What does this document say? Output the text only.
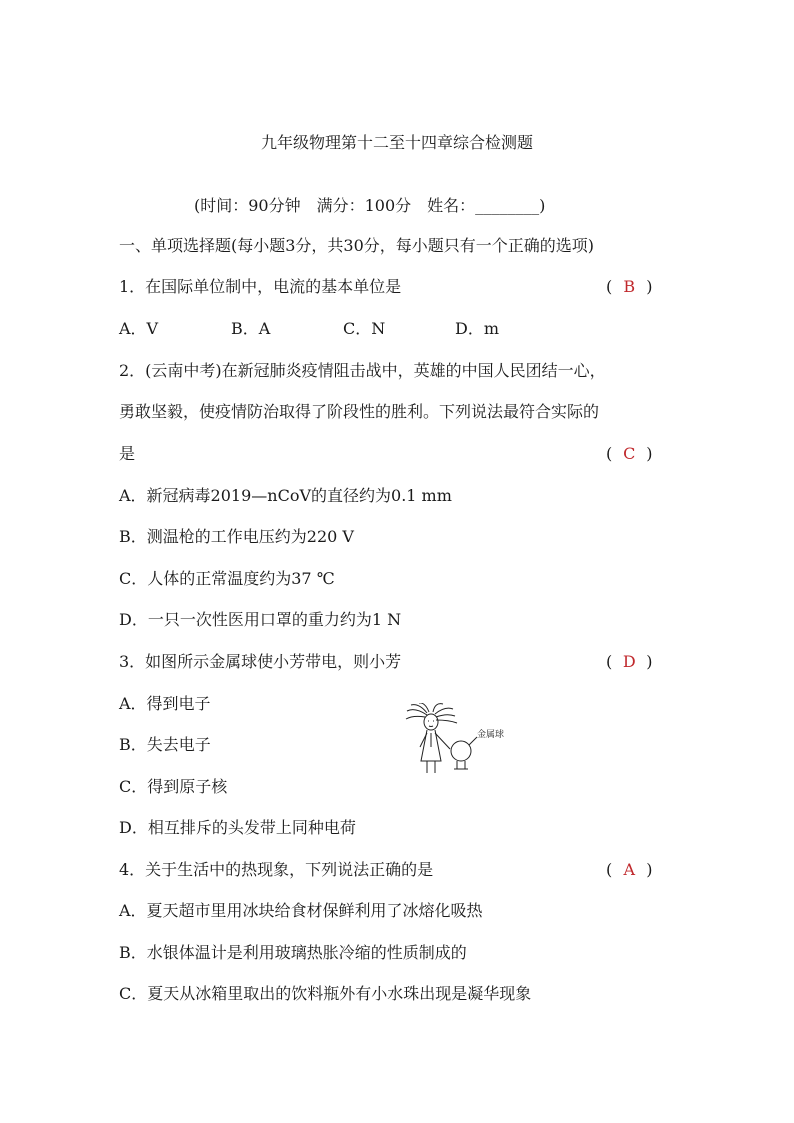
九年级物理第十二至十四章综合检测题
(时间：90分钟　满分：100分　姓名：________)
一、单项选择题(每小题3分，共30分，每小题只有一个正确的选项)
1．在国际单位制中，电流的基本单位是	( B )
A．V	B．A	C．N	D．m
2．(云南中考)在新冠肺炎疫情阻击战中，英雄的中国人民团结一心，
勇敢坚毅，使疫情防治取得了阶段性的胜利。下列说法最符合实际的
是	( C )
A．新冠病毒2019—nCoV的直径约为0.1 mm
B．测温枪的工作电压约为220 V
C．人体的正常温度约为37 ℃
D．一只一次性医用口罩的重力约为1 N
3．如图所示金属球使小芳带电，则小芳	( D )
A．得到电子
B．失去电子
C．得到原子核
D．相互排斥的头发带上同种电荷
金属球
4．关于生活中的热现象，下列说法正确的是	( A )
A．夏天超市里用冰块给食材保鲜利用了冰熔化吸热
B．水银体温计是利用玻璃热胀冷缩的性质制成的
C．夏天从冰箱里取出的饮料瓶外有小水珠出现是凝华现象
